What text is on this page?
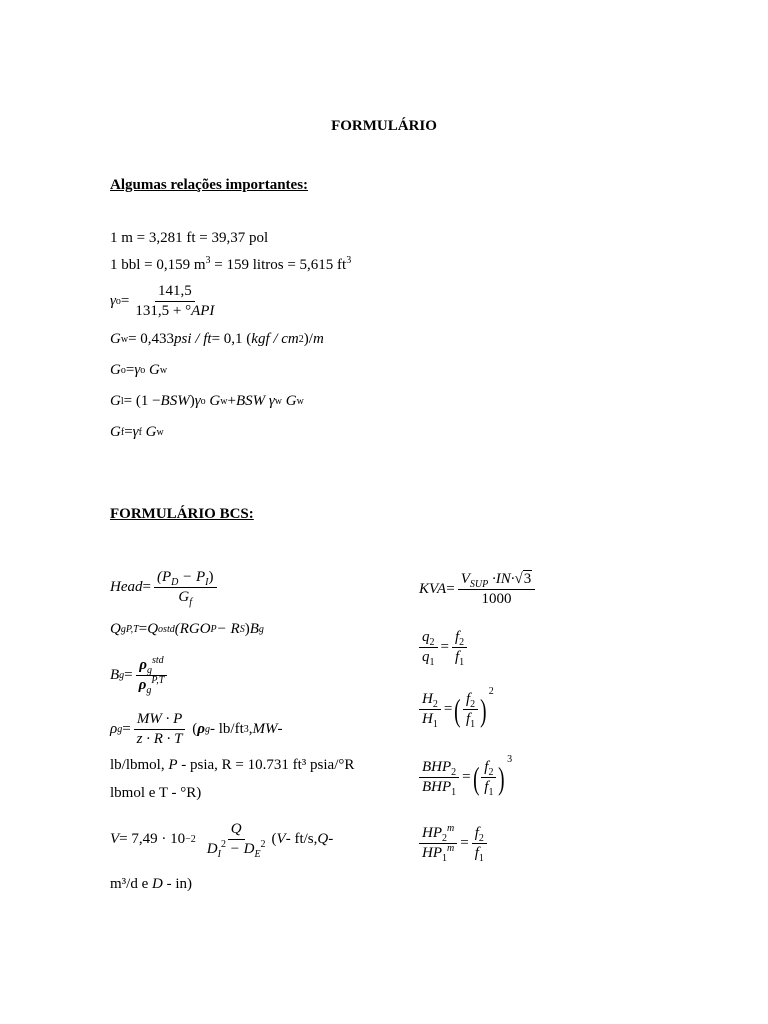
FORMULÁRIO
Algumas relações importantes:
1 m = 3,281 ft = 39,37 pol
1 bbl = 0,159 $m^3 = 159$ litros = 5,615 $ft^3$
γ $o = \frac{141,5}{\text{131,5 + °API}}$
G w = 0,433 psi / ft = 0,1 ( kgf / cm 2 )/ m
G o = γ o
G w
G l = (1 − BSW ) γ o
G w + BSW
γ w
G w
G f = γ f
G w
FORMULÁRIO BCS:
Head = $\frac{(P_D - P_I)}{G_f}$
Q g P,T = Q o std (RGO P − R S ) B g
B $g = \frac{\rho_g^{std}}{\rho_g^{P,T}}$
ρ $g = \frac{MW \cdot P}{z \cdot R \cdot T}$
( ρ g - lb/ft 3 , MW -
lb/lbmol, P - psia, R = 10.731 ft³ psia/°R
lbmol e T - °R)
$V = 7,49 \cdot 10 -2 \frac{Q}{D_I^2 - D_E^2}$ ( V - ft/s, Q -
m³/d e D - in)
KVA = $\frac{V_{SUP} \cdot IN\cdot√3}{1000}$
$\frac{q_2}{q_1} = \frac{f_2}{f_1}$
$\frac{H_2}{H_1}$ = ( $\frac{f_2}{f_1}$ ) 2
$\frac{BHP_2}{BHP_1}$ = ( $\frac{f_2}{f_1}$ ) 3
$\frac{HP_2^m}{HP_1^m} = \frac{f_2}{f_1}$
